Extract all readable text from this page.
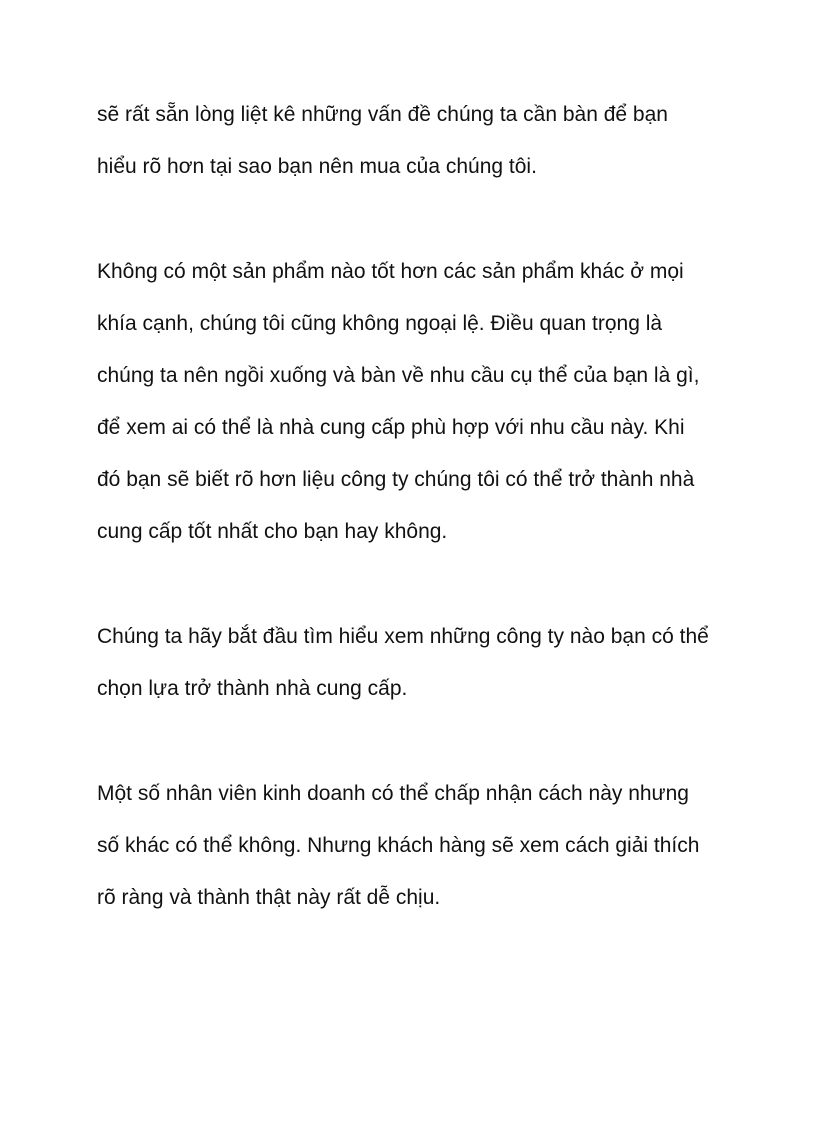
sẽ rất sẵn lòng liệt kê những vấn đề chúng ta cần bàn để bạn

hiểu rõ hơn tại sao bạn nên mua của chúng tôi.

Không có một sản phẩm nào tốt hơn các sản phẩm khác ở mọi

khía cạnh, chúng tôi cũng không ngoại lệ. Điều quan trọng là

chúng ta nên ngồi xuống và bàn về nhu cầu cụ thể của bạn là gì,

để xem ai có thể là nhà cung cấp phù hợp với nhu cầu này. Khi

đó bạn sẽ biết rõ hơn liệu công ty chúng tôi có thể trở thành nhà

cung cấp tốt nhất cho bạn hay không.

Chúng ta hãy bắt đầu tìm hiểu xem những công ty nào bạn có thể

chọn lựa trở thành nhà cung cấp.

Một số nhân viên kinh doanh có thể chấp nhận cách này nhưng

số khác có thể không. Nhưng khách hàng sẽ xem cách giải thích

rõ ràng và thành thật này rất dễ chịu.
